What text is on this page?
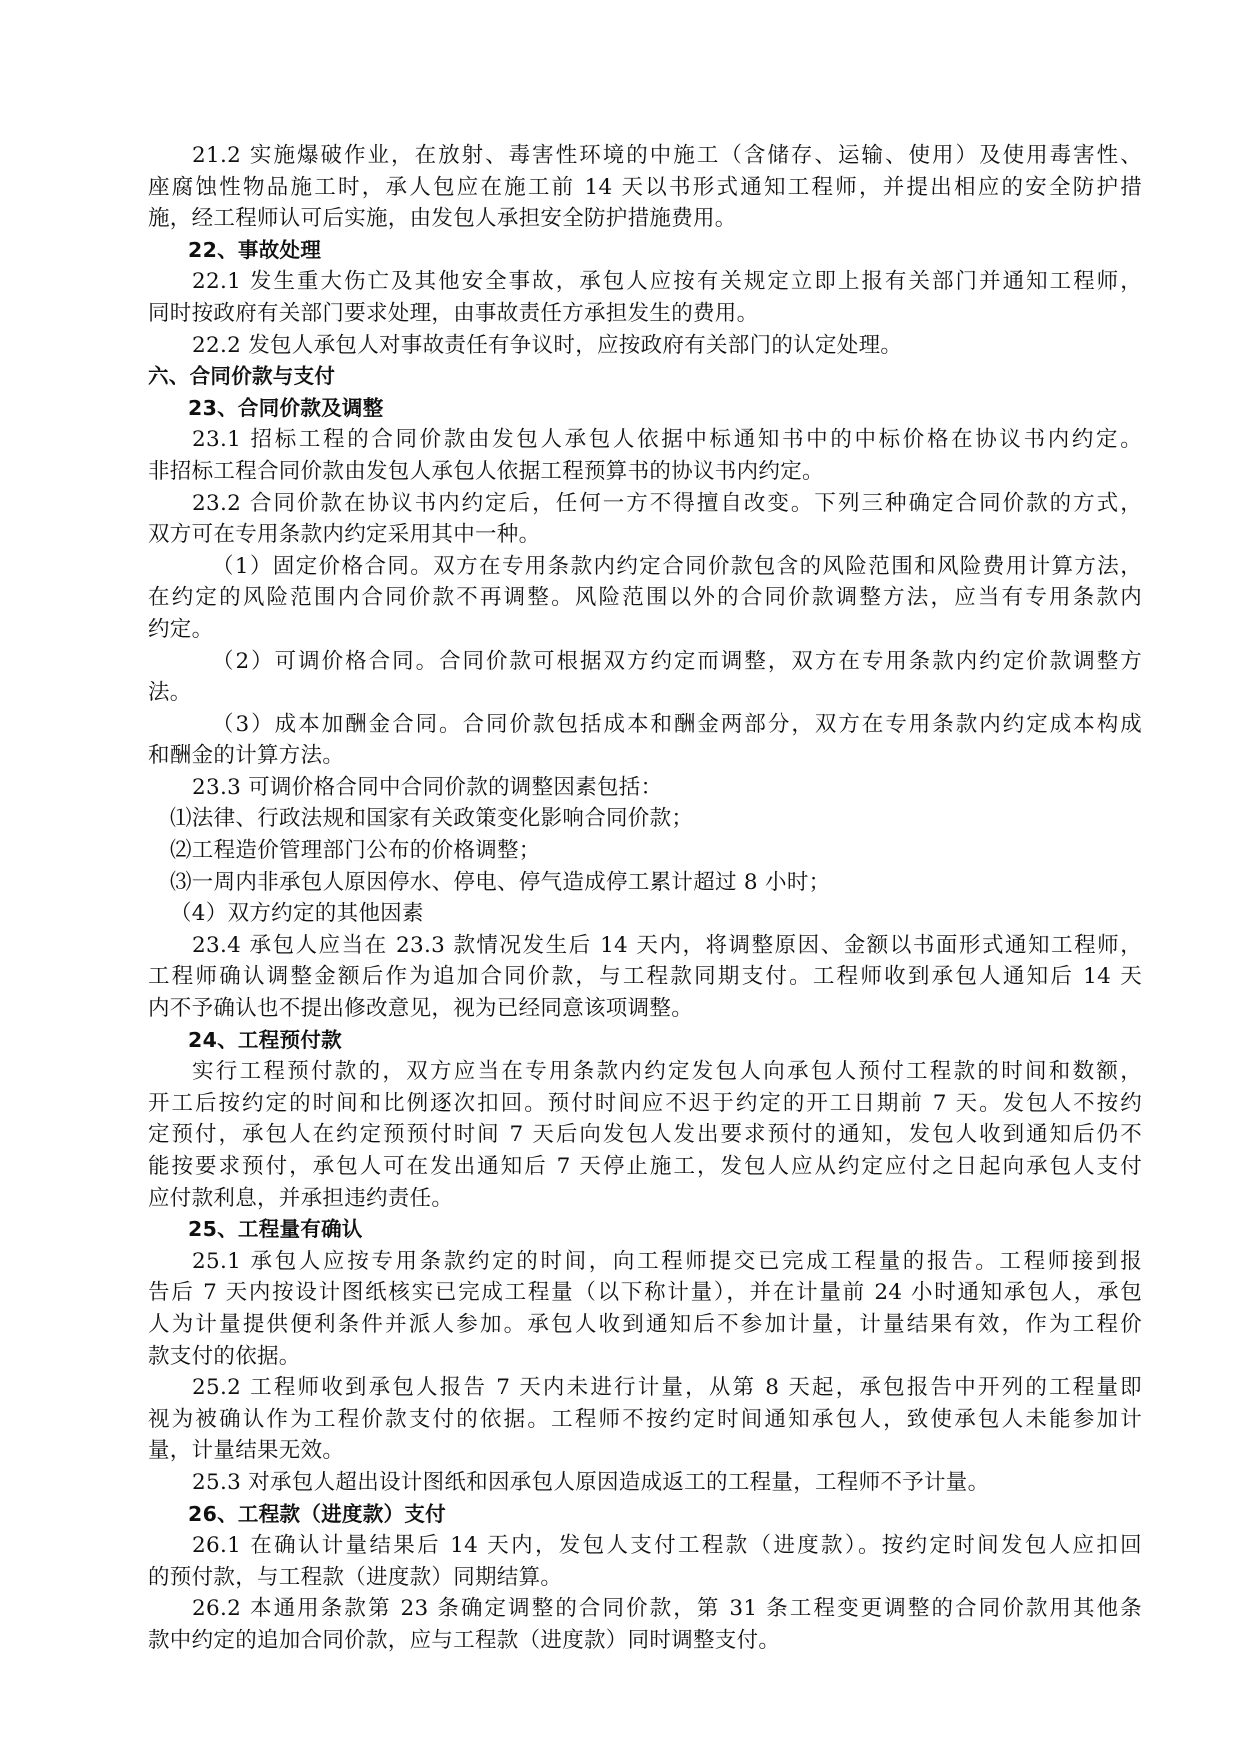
21.2 实施爆破作业，在放射、毒害性环境的中施工（含储存、运输、使用）及使用毒害性、
座腐蚀性物品施工时，承人包应在施工前 14 天以书形式通知工程师，并提出相应的安全防护措
施，经工程师认可后实施，由发包人承担安全防护措施费用。
22、事故处理
22.1 发生重大伤亡及其他安全事故，承包人应按有关规定立即上报有关部门并通知工程师，
同时按政府有关部门要求处理，由事故责任方承担发生的费用。
22.2 发包人承包人对事故责任有争议时，应按政府有关部门的认定处理。
六、合同价款与支付
23、合同价款及调整
23.1 招标工程的合同价款由发包人承包人依据中标通知书中的中标价格在协议书内约定。
非招标工程合同价款由发包人承包人依据工程预算书的协议书内约定。
23.2 合同价款在协议书内约定后，任何一方不得擅自改变。下列三种确定合同价款的方式，
双方可在专用条款内约定采用其中一种。
（1）固定价格合同。双方在专用条款内约定合同价款包含的风险范围和风险费用计算方法，
在约定的风险范围内合同价款不再调整。风险范围以外的合同价款调整方法，应当有专用条款内
约定。
（2）可调价格合同。合同价款可根据双方约定而调整，双方在专用条款内约定价款调整方
法。
（3）成本加酬金合同。合同价款包括成本和酬金两部分，双方在专用条款内约定成本构成
和酬金的计算方法。
23.3 可调价格合同中合同价款的调整因素包括：
⑴法律、行政法规和国家有关政策变化影响合同价款；
⑵工程造价管理部门公布的价格调整；
⑶一周内非承包人原因停水、停电、停气造成停工累计超过 8 小时；
（4）双方约定的其他因素
23.4 承包人应当在 23.3 款情况发生后 14 天内，将调整原因、金额以书面形式通知工程师，
工程师确认调整金额后作为追加合同价款，与工程款同期支付。工程师收到承包人通知后 14 天
内不予确认也不提出修改意见，视为已经同意该项调整。
24、工程预付款
实行工程预付款的，双方应当在专用条款内约定发包人向承包人预付工程款的时间和数额，
开工后按约定的时间和比例逐次扣回。预付时间应不迟于约定的开工日期前 7 天。发包人不按约
定预付，承包人在约定预预付时间 7 天后向发包人发出要求预付的通知，发包人收到通知后仍不
能按要求预付，承包人可在发出通知后 7 天停止施工，发包人应从约定应付之日起向承包人支付
应付款利息，并承担违约责任。
25、工程量有确认
25.1 承包人应按专用条款约定的时间，向工程师提交已完成工程量的报告。工程师接到报
告后 7 天内按设计图纸核实已完成工程量（以下称计量），并在计量前 24 小时通知承包人，承包
人为计量提供便利条件并派人参加。承包人收到通知后不参加计量，计量结果有效，作为工程价
款支付的依据。
25.2 工程师收到承包人报告 7 天内未进行计量，从第 8 天起，承包报告中开列的工程量即
视为被确认作为工程价款支付的依据。工程师不按约定时间通知承包人，致使承包人未能参加计
量，计量结果无效。
25.3 对承包人超出设计图纸和因承包人原因造成返工的工程量，工程师不予计量。
26、工程款（进度款）支付
26.1 在确认计量结果后 14 天内，发包人支付工程款（进度款）。按约定时间发包人应扣回
的预付款，与工程款（进度款）同期结算。
26.2 本通用条款第 23 条确定调整的合同价款，第 31 条工程变更调整的合同价款用其他条
款中约定的追加合同价款，应与工程款（进度款）同时调整支付。
